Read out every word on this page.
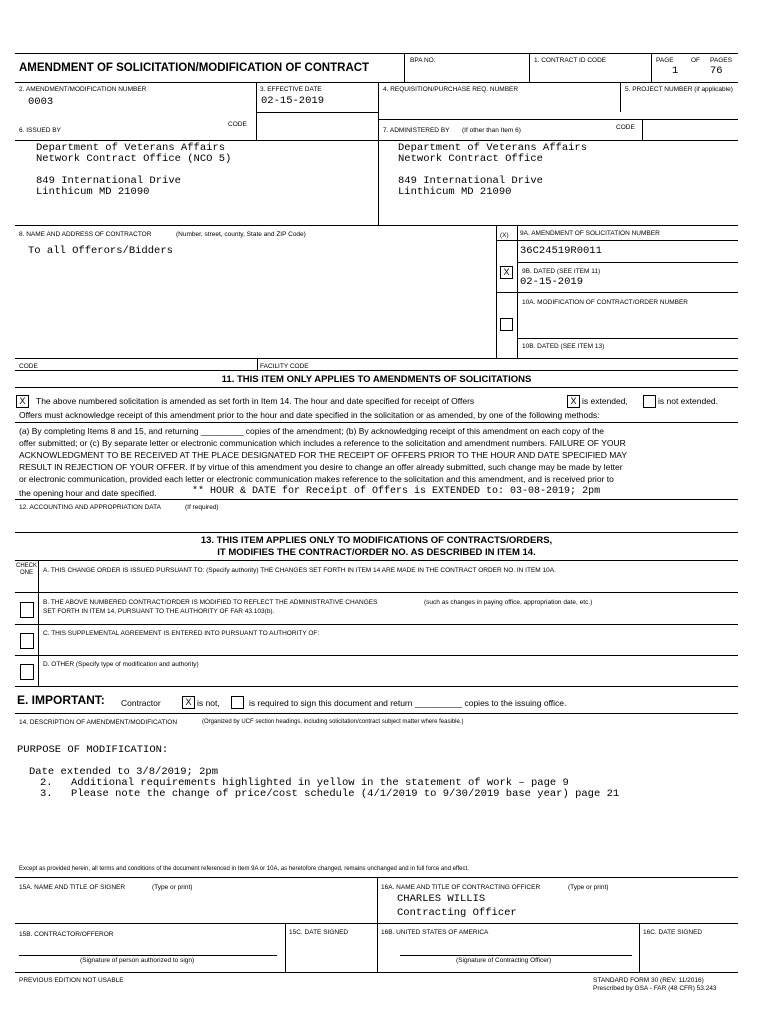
AMENDMENT OF SOLICITATION/MODIFICATION OF CONTRACT
BPA NO.	1. CONTRACT ID CODE	PAGE	OF PAGES
1	76
2. AMENDMENT/MODIFICATION NUMBER
0003
3. EFFECTIVE DATE
02-15-2019
4. REQUISITION/PURCHASE REQ. NUMBER	5. PROJECT NUMBER (if applicable)
6. ISSUED BY
CODE
Department of Veterans Affairs
Network Contract Office (NCO 5)
849 International Drive
Linthicum MD 21090
7. ADMINISTERED BY (If other than Item 6)	CODE
Department of Veterans Affairs
Network Contract Office
849 International Drive
Linthicum MD 21090
8. NAME AND ADDRESS OF CONTRACTOR	(Number, street, county, State and ZIP Code)
To all Offerors/Bidders
(X) 9A. AMENDMENT OF SOLICITATION NUMBER
36C24519R0011
X	9B. DATED (SEE ITEM 11)
02-15-2019
10A. MODIFICATION OF CONTRACT/ORDER NUMBER
10B. DATED (SEE ITEM 13)
CODE	FACILITY CODE
11. THIS ITEM ONLY APPLIES TO AMENDMENTS OF SOLICITATIONS
X	The above numbered solicitation is amended as set forth in Item 14. The hour and date specified for receipt of Offers	X is extended,	is not extended.
Offers must acknowledge receipt of this amendment prior to the hour and date specified in the solicitation or as amended, by one of the following methods:
(a) By completing Items 8 and 15, and returning _________ copies of the amendment; (b) By acknowledging receipt of this amendment on each copy of the
offer submitted; or (c) By separate letter or electronic communication which includes a reference to the solicitation and amendment numbers. FAILURE OF YOUR
ACKNOWLEDGMENT TO BE RECEIVED AT THE PLACE DESIGNATED FOR THE RECEIPT OF OFFERS PRIOR TO THE HOUR AND DATE SPECIFIED MAY
RESULT IN REJECTION OF YOUR OFFER. If by virtue of this amendment you desire to change an offer already submitted, such change may be made by letter
or electronic communication, provided each letter or electronic communication makes reference to the solicitation and this amendment, and is received prior to
the opening hour and date specified.	** HOUR & DATE for Receipt of Offers is EXTENDED to: 03-08-2019; 2pm
12. ACCOUNTING AND APPROPRIATION DATA	(If required)
13. THIS ITEM APPLIES ONLY TO MODIFICATIONS OF CONTRACTS/ORDERS,
IT MODIFIES THE CONTRACT/ORDER NO. AS DESCRIBED IN ITEM 14.
CHECK
ONE A. THIS CHANGE ORDER IS ISSUED PURSUANT TO: (Specify authority) THE CHANGES SET FORTH IN ITEM 14 ARE MADE IN THE CONTRACT ORDER NO. IN ITEM 10A.
B. THE ABOVE NUMBERED CONTRACT/ORDER IS MODIFIED TO REFLECT THE ADMINISTRATIVE CHANGES	(such as changes in paying office, appropriation date, etc.)
SET FORTH IN ITEM 14, PURSUANT TO THE AUTHORITY OF FAR 43.103(b).
C. THIS SUPPLEMENTAL AGREEMENT IS ENTERED INTO PURSUANT TO AUTHORITY OF:
D. OTHER (Specify type of modification and authority)
E. IMPORTANT: Contractor	X is not,	is required to sign this document and return __________ copies to the issuing office.
14. DESCRIPTION OF AMENDMENT/MODIFICATION	(Organized by UCF section headings, including solicitation/contract subject matter where feasible.)
PURPOSE OF MODIFICATION:
Date extended to 3/8/2019; 2pm
2. Additional requirements highlighted in yellow in the statement of work – page 9
3. Please note the change of price/cost schedule (4/1/2019 to 9/30/2019 base year) page 21
Except as provided herein, all terms and conditions of the document referenced in Item 9A or 10A, as heretofore changed, remains unchanged and in full force and effect.
15A. NAME AND TITLE OF SIGNER	(Type or print)	16A. NAME AND TITLE OF CONTRACTING OFFICER	(Type or print)
CHARLES WILLIS
Contracting Officer
15B. CONTRACTOR/OFFEROR	15C. DATE SIGNED	16B. UNITED STATES OF AMERICA	16C. DATE SIGNED
(Signature of person authorized to sign)	(Signature of Contracting Officer)
PREVIOUS EDITION NOT USABLE	STANDARD FORM 30 (REV. 11/2016)
Prescribed by GSA - FAR (48 CFR) 53.243
